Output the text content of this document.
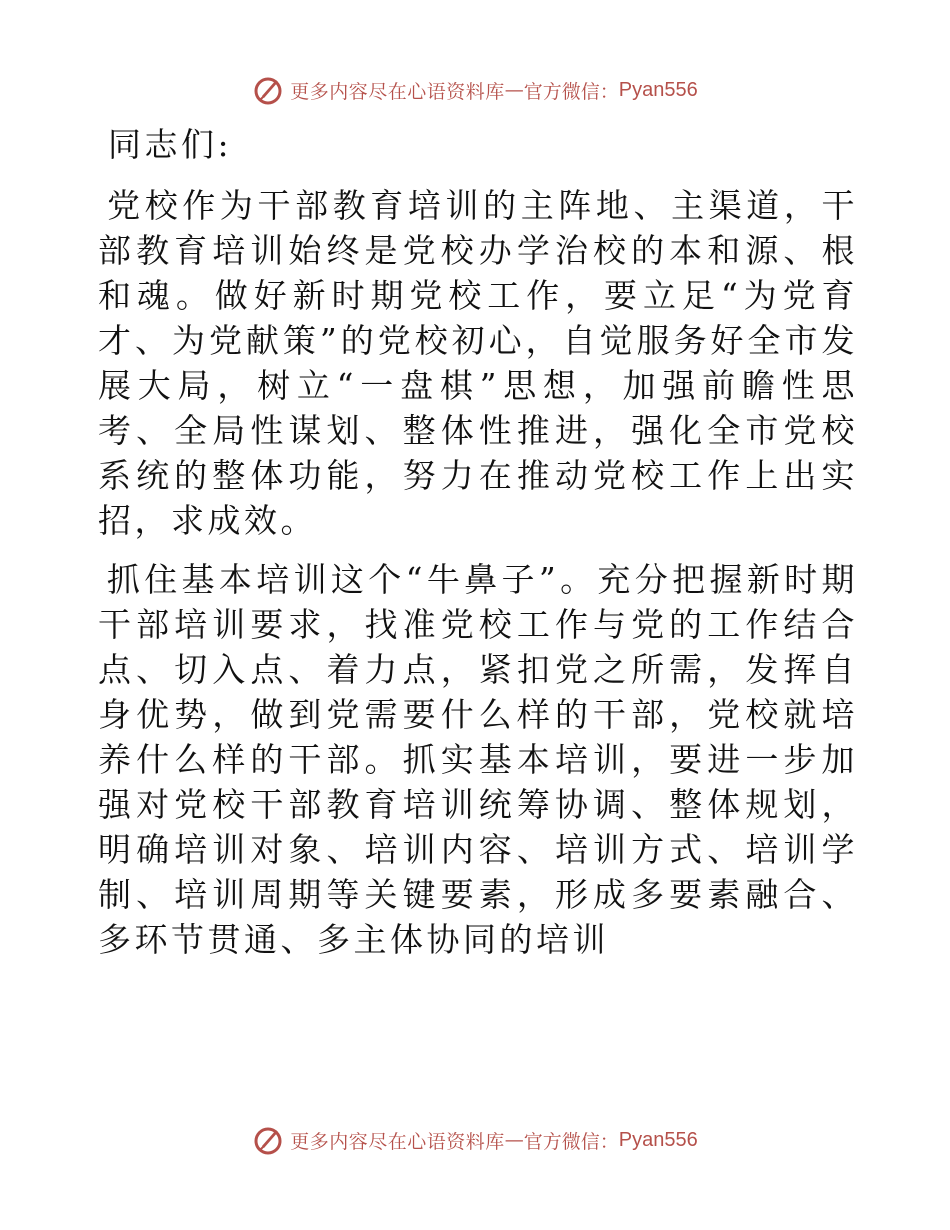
更多内容尽在心语资料库 — 官方微信： Pyan556

同志们:

党校作为干部教育培训的主阵地、主渠道，干部教育培训始终是党校办学治校的本和源、根和魂。做好新时期党校工作，要立足“为党育才、为党献策”的党校初心，自觉服务好全市发展大局，树立“一盘棋”思想，加强前瞻性思考、全局性谋划、整体性推进，强化全市党校系统的整体功能，努力在推动党校工作上出实招，求成效。

抓住基本培训这个“牛鼻子”。充分把握新时期干部培训要求，找准党校工作与党的工作结合点、切入点、着力点，紧扣党之所需，发挥自身优势，做到党需要什么样的干部，党校就培养什么样的干部。抓实基本培训，要进一步加强对党校干部教育培训统筹协调、整体规划，明确培训对象、培训内容、培训方式、培训学制、培训周期等关键要素，形成多要素融合、多环节贯通、多主体协同的培训

更多内容尽在心语资料库 — 官方微信： Pyan556
